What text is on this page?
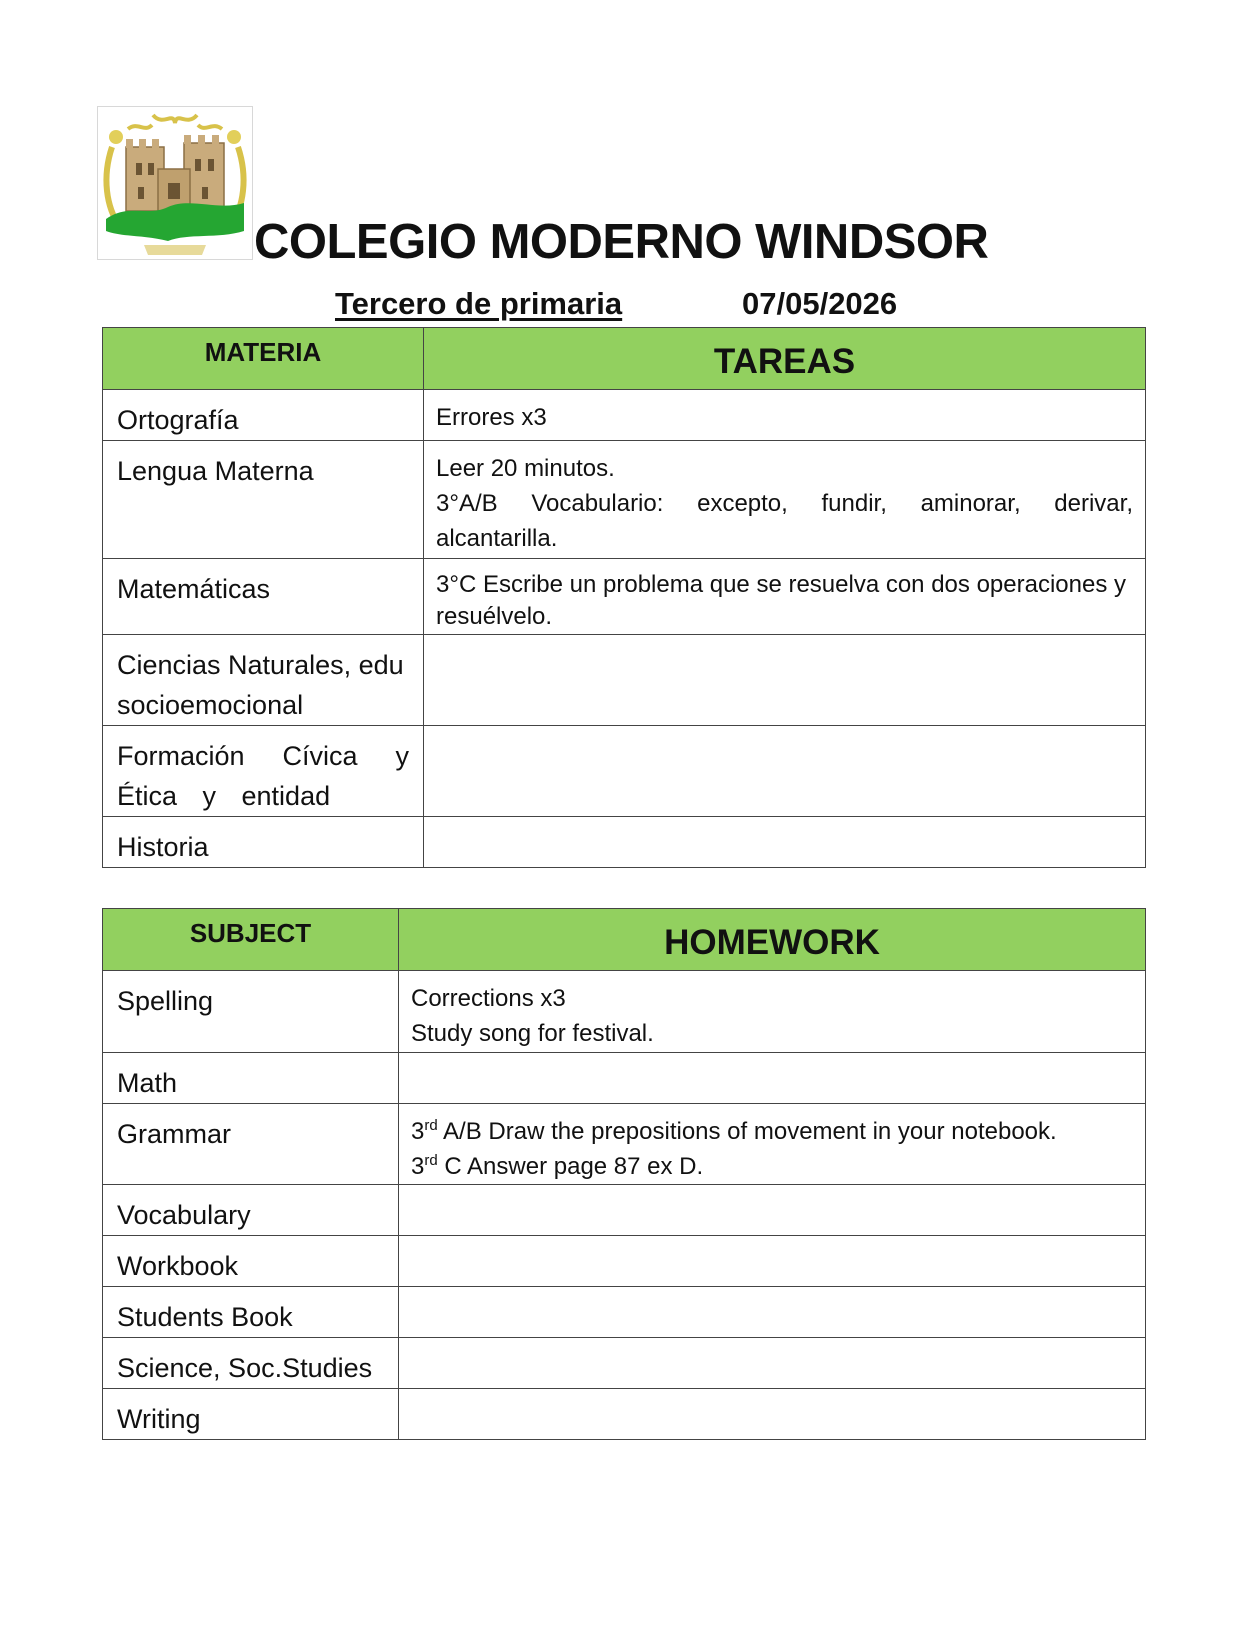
COLEGIO MODERNO WINDSOR
Tercero de primaria	07/05/2026
MATERIA	TAREAS
Ortografía	Errores x3

Lengua Materna	Leer 20 minutos.
3°A/B Vocabulario: excepto, fundir, aminorar, derivar, alcantarilla.

Matemáticas	3°C Escribe un problema que se resuelva con dos operaciones y resuélvelo.

Ciencias Naturales, edu socioemocional	
Formación Cívica y Ética y entidad	
Historia	
SUBJECT	HOMEWORK
Spelling	Corrections x3
Study song for festival.

Math	
Grammar	3rd A/B Draw the prepositions of movement in your notebook.
3rd C Answer page 87 ex D.

Vocabulary	
Workbook	
Students Book	
Science, Soc.Studies	
Writing	
